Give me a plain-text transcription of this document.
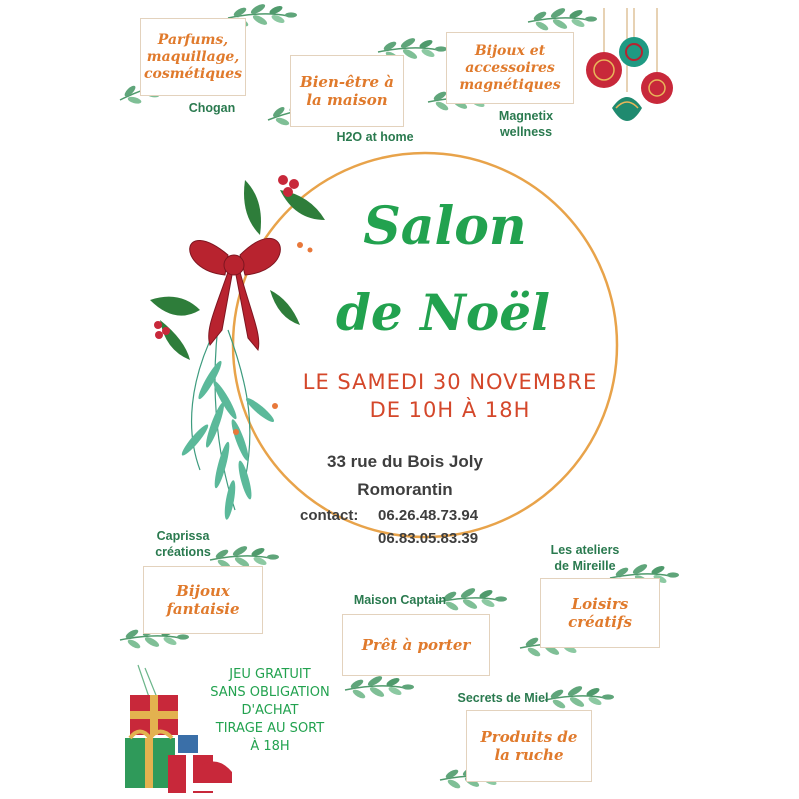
Salon
de Noël
LE SAMEDI 30 NOVEMBRE
DE 10H À 18H
33 rue du Bois Joly
Romorantin
contact: 06.26.48.73.94
06.83.05.83.39
Parfums,
maquillage,
cosmétiques
Chogan
Bien-être à
la maison
H2O at home
Bijoux et
accessoires
magnétiques
Magnetix
wellness
Caprissa
créations
Bijoux
fantaisie	Maison Captain
Prêt à porter
Les ateliers
de Mireille
Loisirs
créatifs
Secrets de Miel
Produits de
la ruche
JEU GRATUIT
SANS OBLIGATION
D'ACHAT
TIRAGE AU SORT
À 18H
